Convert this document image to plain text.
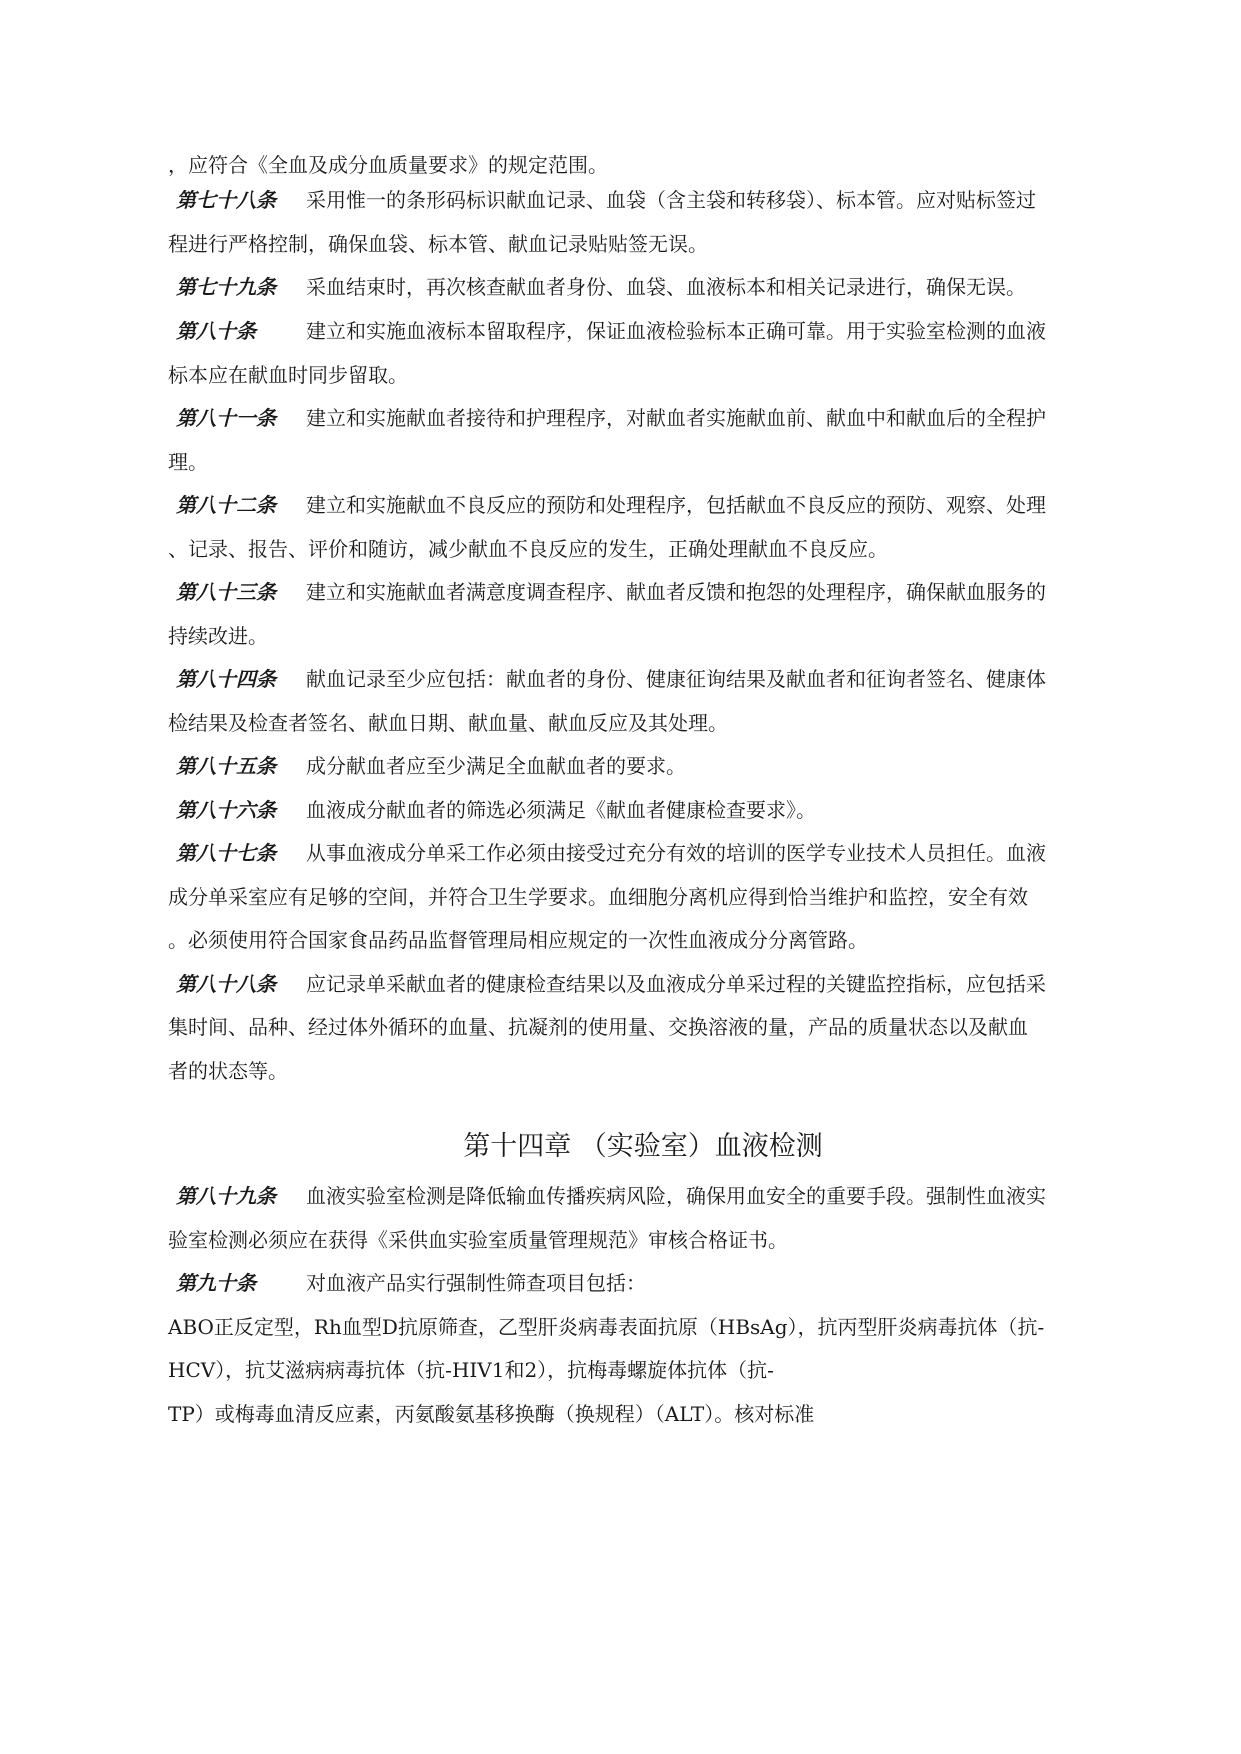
，应符合《全血及成分血质量要求》的规定范围。
第七十八条 采用惟一的条形码标识献血记录、血袋（含主袋和转移袋）、标本管。应对贴标签过
程进行严格控制，确保血袋、标本管、献血记录贴贴签无误。
第七十九条 采血结束时，再次核查献血者身份、血袋、血液标本和相关记录进行，确保无误。
第八十条	建立和实施血液标本留取程序，保证血液检验标本正确可靠。用于实验室检测的血液
标本应在献血时同步留取。
第八十一条 建立和实施献血者接待和护理程序，对献血者实施献血前、献血中和献血后的全程护
理。
第八十二条 建立和实施献血不良反应的预防和处理程序，包括献血不良反应的预防、观察、处理
、记录、报告、评价和随访，减少献血不良反应的发生，正确处理献血不良反应。
第八十三条 建立和实施献血者满意度调查程序、献血者反馈和抱怨的处理程序，确保献血服务的
持续改进。
第八十四条 献血记录至少应包括：献血者的身份、健康征询结果及献血者和征询者签名、健康体
检结果及检查者签名、献血日期、献血量、献血反应及其处理。
第八十五条 成分献血者应至少满足全血献血者的要求。
第八十六条 血液成分献血者的筛选必须满足《献血者健康检查要求》。
第八十七条 从事血液成分单采工作必须由接受过充分有效的培训的医学专业技术人员担任。血液
成分单采室应有足够的空间，并符合卫生学要求。血细胞分离机应得到恰当维护和监控，安全有效
。必须使用符合国家食品药品监督管理局相应规定的一次性血液成分分离管路。
第八十八条 应记录单采献血者的健康检查结果以及血液成分单采过程的关键监控指标，应包括采
集时间、品种、经过体外循环的血量、抗凝剂的使用量、交换溶液的量，产品的质量状态以及献血
者的状态等。
第十四章 （实验室）血液检测
第八十九条 血液实验室检测是降低输血传播疾病风险，确保用血安全的重要手段。强制性血液实
验室检测必须应在获得《采供血实验室质量管理规范》审核合格证书。
第九十条	对血液产品实行强制性筛查项目包括：
ABO正反定型，Rh血型D抗原筛查，乙型肝炎病毒表面抗原（HBsAg），抗丙型肝炎病毒抗体（抗-
HCV），抗艾滋病病毒抗体（抗-HIV1和2），抗梅毒螺旋体抗体（抗-
TP）或梅毒血清反应素，丙氨酸氨基移换酶（换规程）（ALT）。核对标准
